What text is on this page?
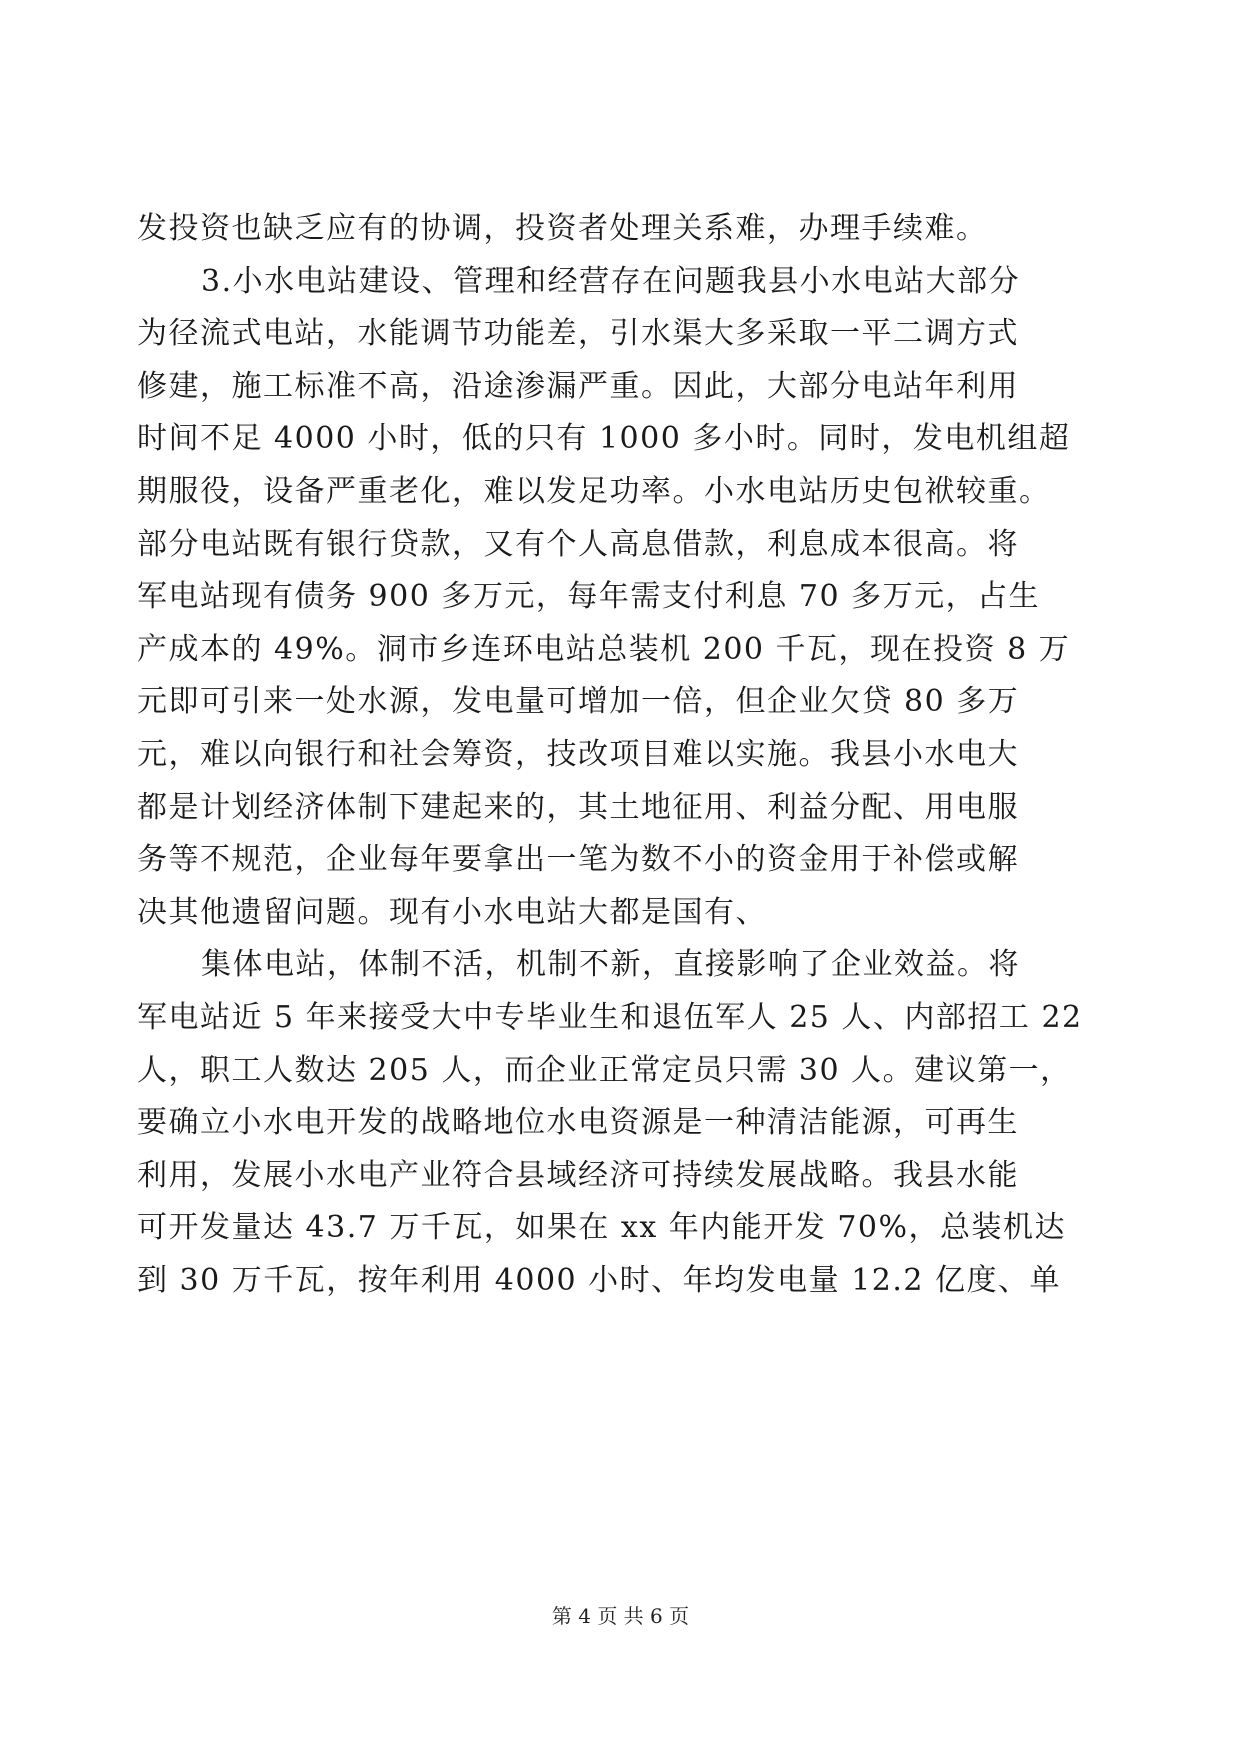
发投资也缺乏应有的协调，投资者处理关系难，办理手续难。
3.小水电站建设、管理和经营存在问题我县小水电站大部分
为径流式电站，水能调节功能差，引水渠大多采取一平二调方式
修建，施工标准不高，沿途渗漏严重。因此，大部分电站年利用
时间不足 4000 小时，低的只有 1000 多小时。同时，发电机组超
期服役，设备严重老化，难以发足功率。小水电站历史包袱较重。
部分电站既有银行贷款，又有个人高息借款，利息成本很高。将
军电站现有债务 900 多万元，每年需支付利息 70 多万元，占生
产成本的 49%。洞市乡连环电站总装机 200 千瓦，现在投资 8 万
元即可引来一处水源，发电量可增加一倍，但企业欠贷 80 多万
元，难以向银行和社会筹资，技改项目难以实施。我县小水电大
都是计划经济体制下建起来的，其土地征用、利益分配、用电服
务等不规范，企业每年要拿出一笔为数不小的资金用于补偿或解
决其他遗留问题。现有小水电站大都是国有、
集体电站，体制不活，机制不新，直接影响了企业效益。将
军电站近 5 年来接受大中专毕业生和退伍军人 25 人、内部招工 22
人，职工人数达 205 人，而企业正常定员只需 30 人。建议第一，
要确立小水电开发的战略地位水电资源是一种清洁能源，可再生
利用，发展小水电产业符合县域经济可持续发展战略。我县水能
可开发量达 43.7 万千瓦，如果在 xx 年内能开发 70%，总装机达
到 30 万千瓦，按年利用 4000 小时、年均发电量 12.2 亿度、单
第 4 页 共 6 页
